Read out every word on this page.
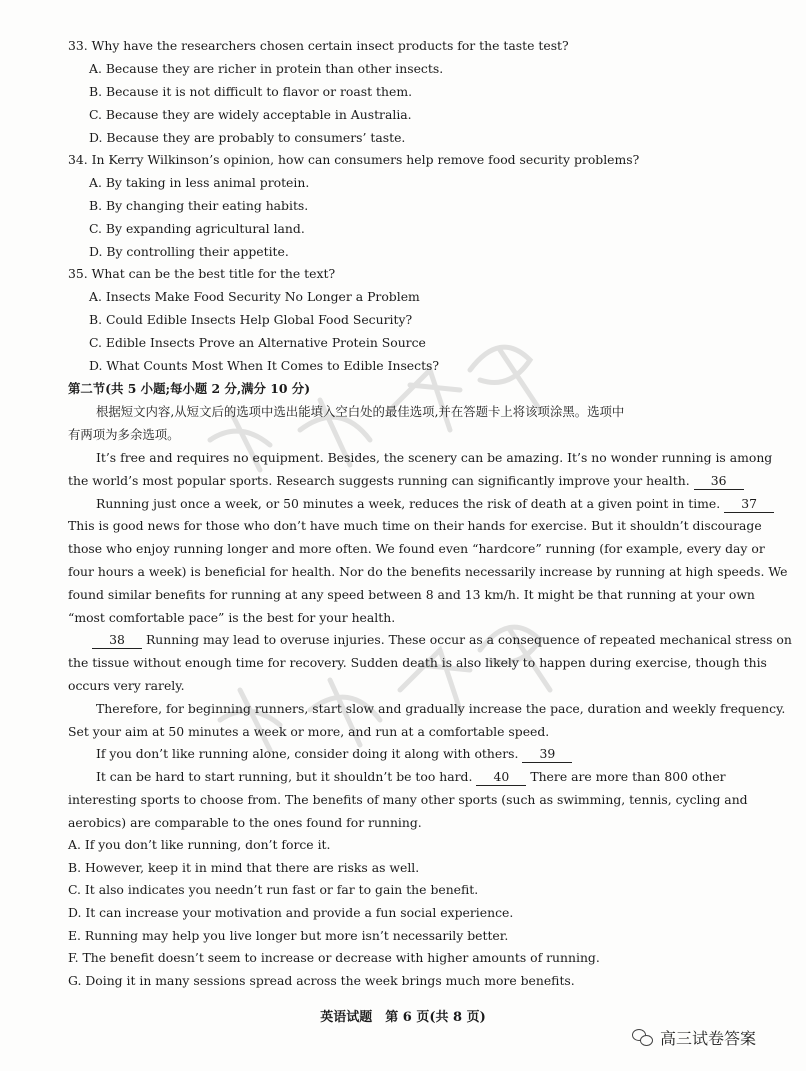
33. Why have the researchers chosen certain insect products for the taste test?
A. Because they are richer in protein than other insects.
B. Because it is not difficult to flavor or roast them.
C. Because they are widely acceptable in Australia.
D. Because they are probably to consumers’ taste.
34. In Kerry Wilkinson’s opinion, how can consumers help remove food security problems?
A. By taking in less animal protein.
B. By changing their eating habits.
C. By expanding agricultural land.
D. By controlling their appetite.
35. What can be the best title for the text?
A. Insects Make Food Security No Longer a Problem
B. Could Edible Insects Help Global Food Security?
C. Edible Insects Prove an Alternative Protein Source
D. What Counts Most When It Comes to Edible Insects?
第二节(共 5 小题;每小题 2 分,满分 10 分)
根据短文内容,从短文后的选项中选出能填入空白处的最佳选项,并在答题卡上将该项涂黑。选项中
有两项为多余选项。
It’s free and requires no equipment. Besides, the scenery can be amazing. It’s no wonder running is among
the world’s most popular sports. Research suggests running can significantly improve your health. 36
Running just once a week, or 50 minutes a week, reduces the risk of death at a given point in time. 37
This is good news for those who don’t have much time on their hands for exercise. But it shouldn’t discourage
those who enjoy running longer and more often. We found even “hardcore” running (for example, every day or
four hours a week) is beneficial for health. Nor do the benefits necessarily increase by running at high speeds. We
found similar benefits for running at any speed between 8 and 13 km/h. It might be that running at your own
“most comfortable pace” is the best for your health.
38 Running may lead to overuse injuries. These occur as a consequence of repeated mechanical stress on
the tissue without enough time for recovery. Sudden death is also likely to happen during exercise, though this
occurs very rarely.
Therefore, for beginning runners, start slow and gradually increase the pace, duration and weekly frequency.
Set your aim at 50 minutes a week or more, and run at a comfortable speed.
If you don’t like running alone, consider doing it along with others. 39
It can be hard to start running, but it shouldn’t be too hard. 40 There are more than 800 other
interesting sports to choose from. The benefits of many other sports (such as swimming, tennis, cycling and
aerobics) are comparable to the ones found for running.
A. If you don’t like running, don’t force it.
B. However, keep it in mind that there are risks as well.
C. It also indicates you needn’t run fast or far to gain the benefit.
D. It can increase your motivation and provide a fun social experience.
E. Running may help you live longer but more isn’t necessarily better.
F. The benefit doesn’t seem to increase or decrease with higher amounts of running.
G. Doing it in many sessions spread across the week brings much more benefits.
英语试题　第 6 页(共 8 页)
高三试卷答案
